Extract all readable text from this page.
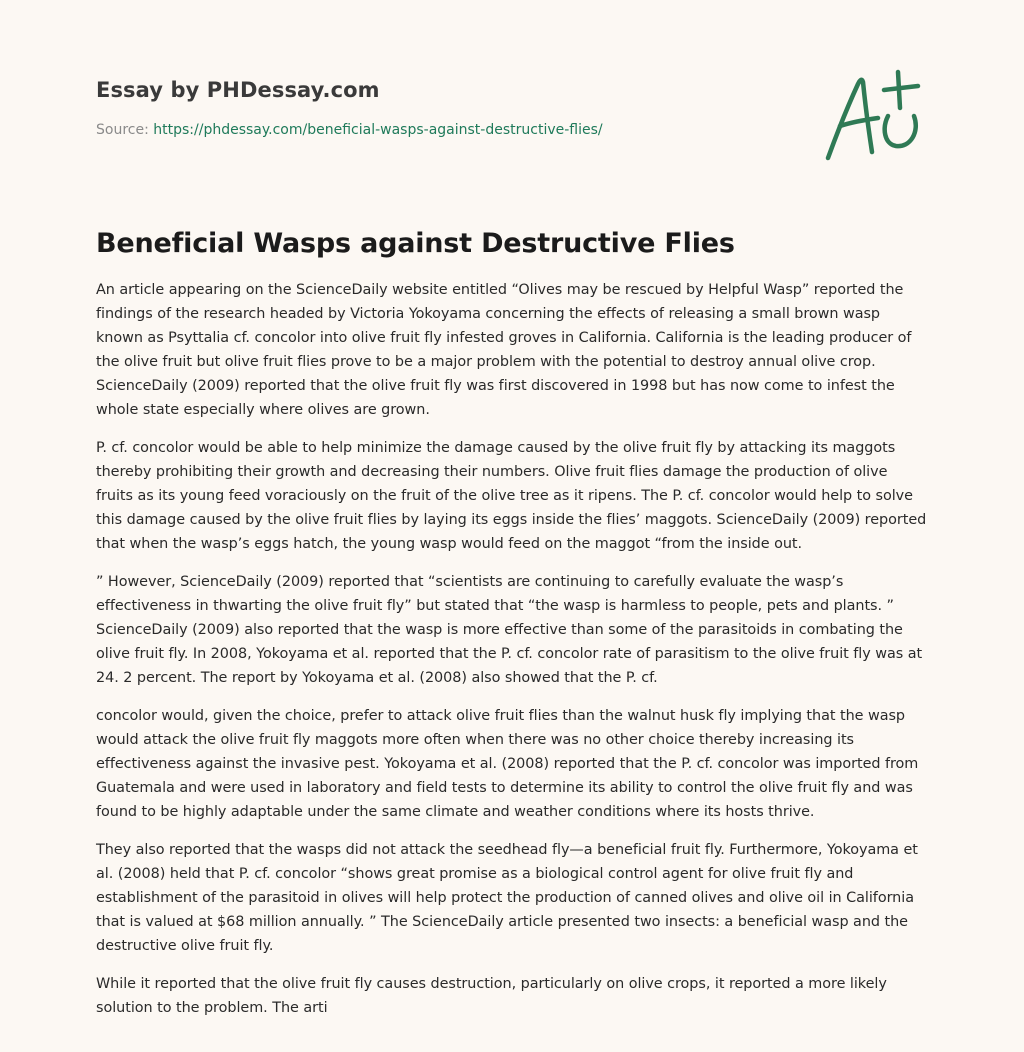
Essay by PHDessay.com
Source: https://phdessay.com/beneficial-wasps-against-destructive-flies/
Beneficial Wasps against Destructive Flies

An article appearing on the ScienceDaily website entitled “Olives may be rescued by Helpful Wasp” reported the findings of the research headed by Victoria Yokoyama concerning the effects of releasing a small brown wasp known as Psyttalia cf. concolor into olive fruit fly infested groves in California. California is the leading producer of the olive fruit but olive fruit flies prove to be a major problem with the potential to destroy annual olive crop. ScienceDaily (2009) reported that the olive fruit fly was first discovered in 1998 but has now come to infest the whole state especially where olives are grown.

P. cf. concolor would be able to help minimize the damage caused by the olive fruit fly by attacking its maggots thereby prohibiting their growth and decreasing their numbers. Olive fruit flies damage the production of olive fruits as its young feed voraciously on the fruit of the olive tree as it ripens. The P. cf. concolor would help to solve this damage caused by the olive fruit flies by laying its eggs inside the flies’ maggots. ScienceDaily (2009) reported that when the wasp’s eggs hatch, the young wasp would feed on the maggot “from the inside out.

” However, ScienceDaily (2009) reported that “scientists are continuing to carefully evaluate the wasp’s effectiveness in thwarting the olive fruit fly” but stated that “the wasp is harmless to people, pets and plants. ” ScienceDaily (2009) also reported that the wasp is more effective than some of the parasitoids in combating the olive fruit fly. In 2008, Yokoyama et al. reported that the P. cf. concolor rate of parasitism to the olive fruit fly was at 24. 2 percent. The report by Yokoyama et al. (2008) also showed that the P. cf.

concolor would, given the choice, prefer to attack olive fruit flies than the walnut husk fly implying that the wasp would attack the olive fruit fly maggots more often when there was no other choice thereby increasing its effectiveness against the invasive pest. Yokoyama et al. (2008) reported that the P. cf. concolor was imported from Guatemala and were used in laboratory and field tests to determine its ability to control the olive fruit fly and was found to be highly adaptable under the same climate and weather conditions where its hosts thrive.

They also reported that the wasps did not attack the seedhead fly—a beneficial fruit fly. Furthermore, Yokoyama et al. (2008) held that P. cf. concolor “shows great promise as a biological control agent for olive fruit fly and establishment of the parasitoid in olives will help protect the production of canned olives and olive oil in California that is valued at $68 million annually. ” The ScienceDaily article presented two insects: a beneficial wasp and the destructive olive fruit fly.

While it reported that the olive fruit fly causes destruction, particularly on olive crops, it reported a more likely solution to the problem. The arti
